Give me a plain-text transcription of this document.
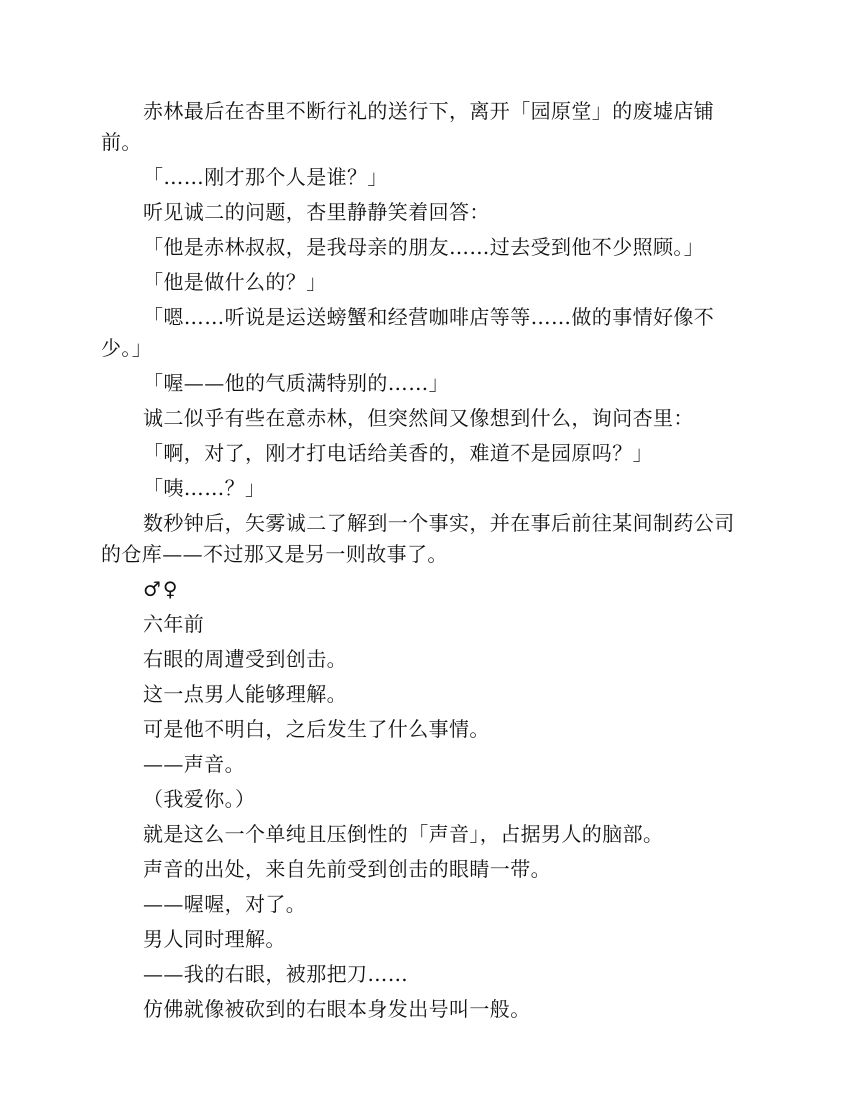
赤林最后在杏里不断行礼的送行下，离开「园原堂」的废墟店铺前。

「……刚才那个人是谁？」

听见诚二的问题，杏里静静笑着回答：

「他是赤林叔叔，是我母亲的朋友……过去受到他不少照顾。」

「他是做什么的？」

「嗯……听说是运送螃蟹和经营咖啡店等等……做的事情好像不少。」

「喔——他的气质满特别的……」

诚二似乎有些在意赤林，但突然间又像想到什么，询问杏里：

「啊，对了，刚才打电话给美香的，难道不是园原吗？」

「咦……？」

数秒钟后，矢雾诚二了解到一个事实，并在事后前往某间制药公司的仓库——不过那又是另一则故事了。

♂♀

六年前

右眼的周遭受到创击。

这一点男人能够理解。

可是他不明白，之后发生了什么事情。

——声音。

（我爱你。）

就是这么一个单纯且压倒性的「声音」，占据男人的脑部。

声音的出处，来自先前受到创击的眼睛一带。

——喔喔，对了。

男人同时理解。

——我的右眼，被那把刀……

仿佛就像被砍到的右眼本身发出号叫一般。
